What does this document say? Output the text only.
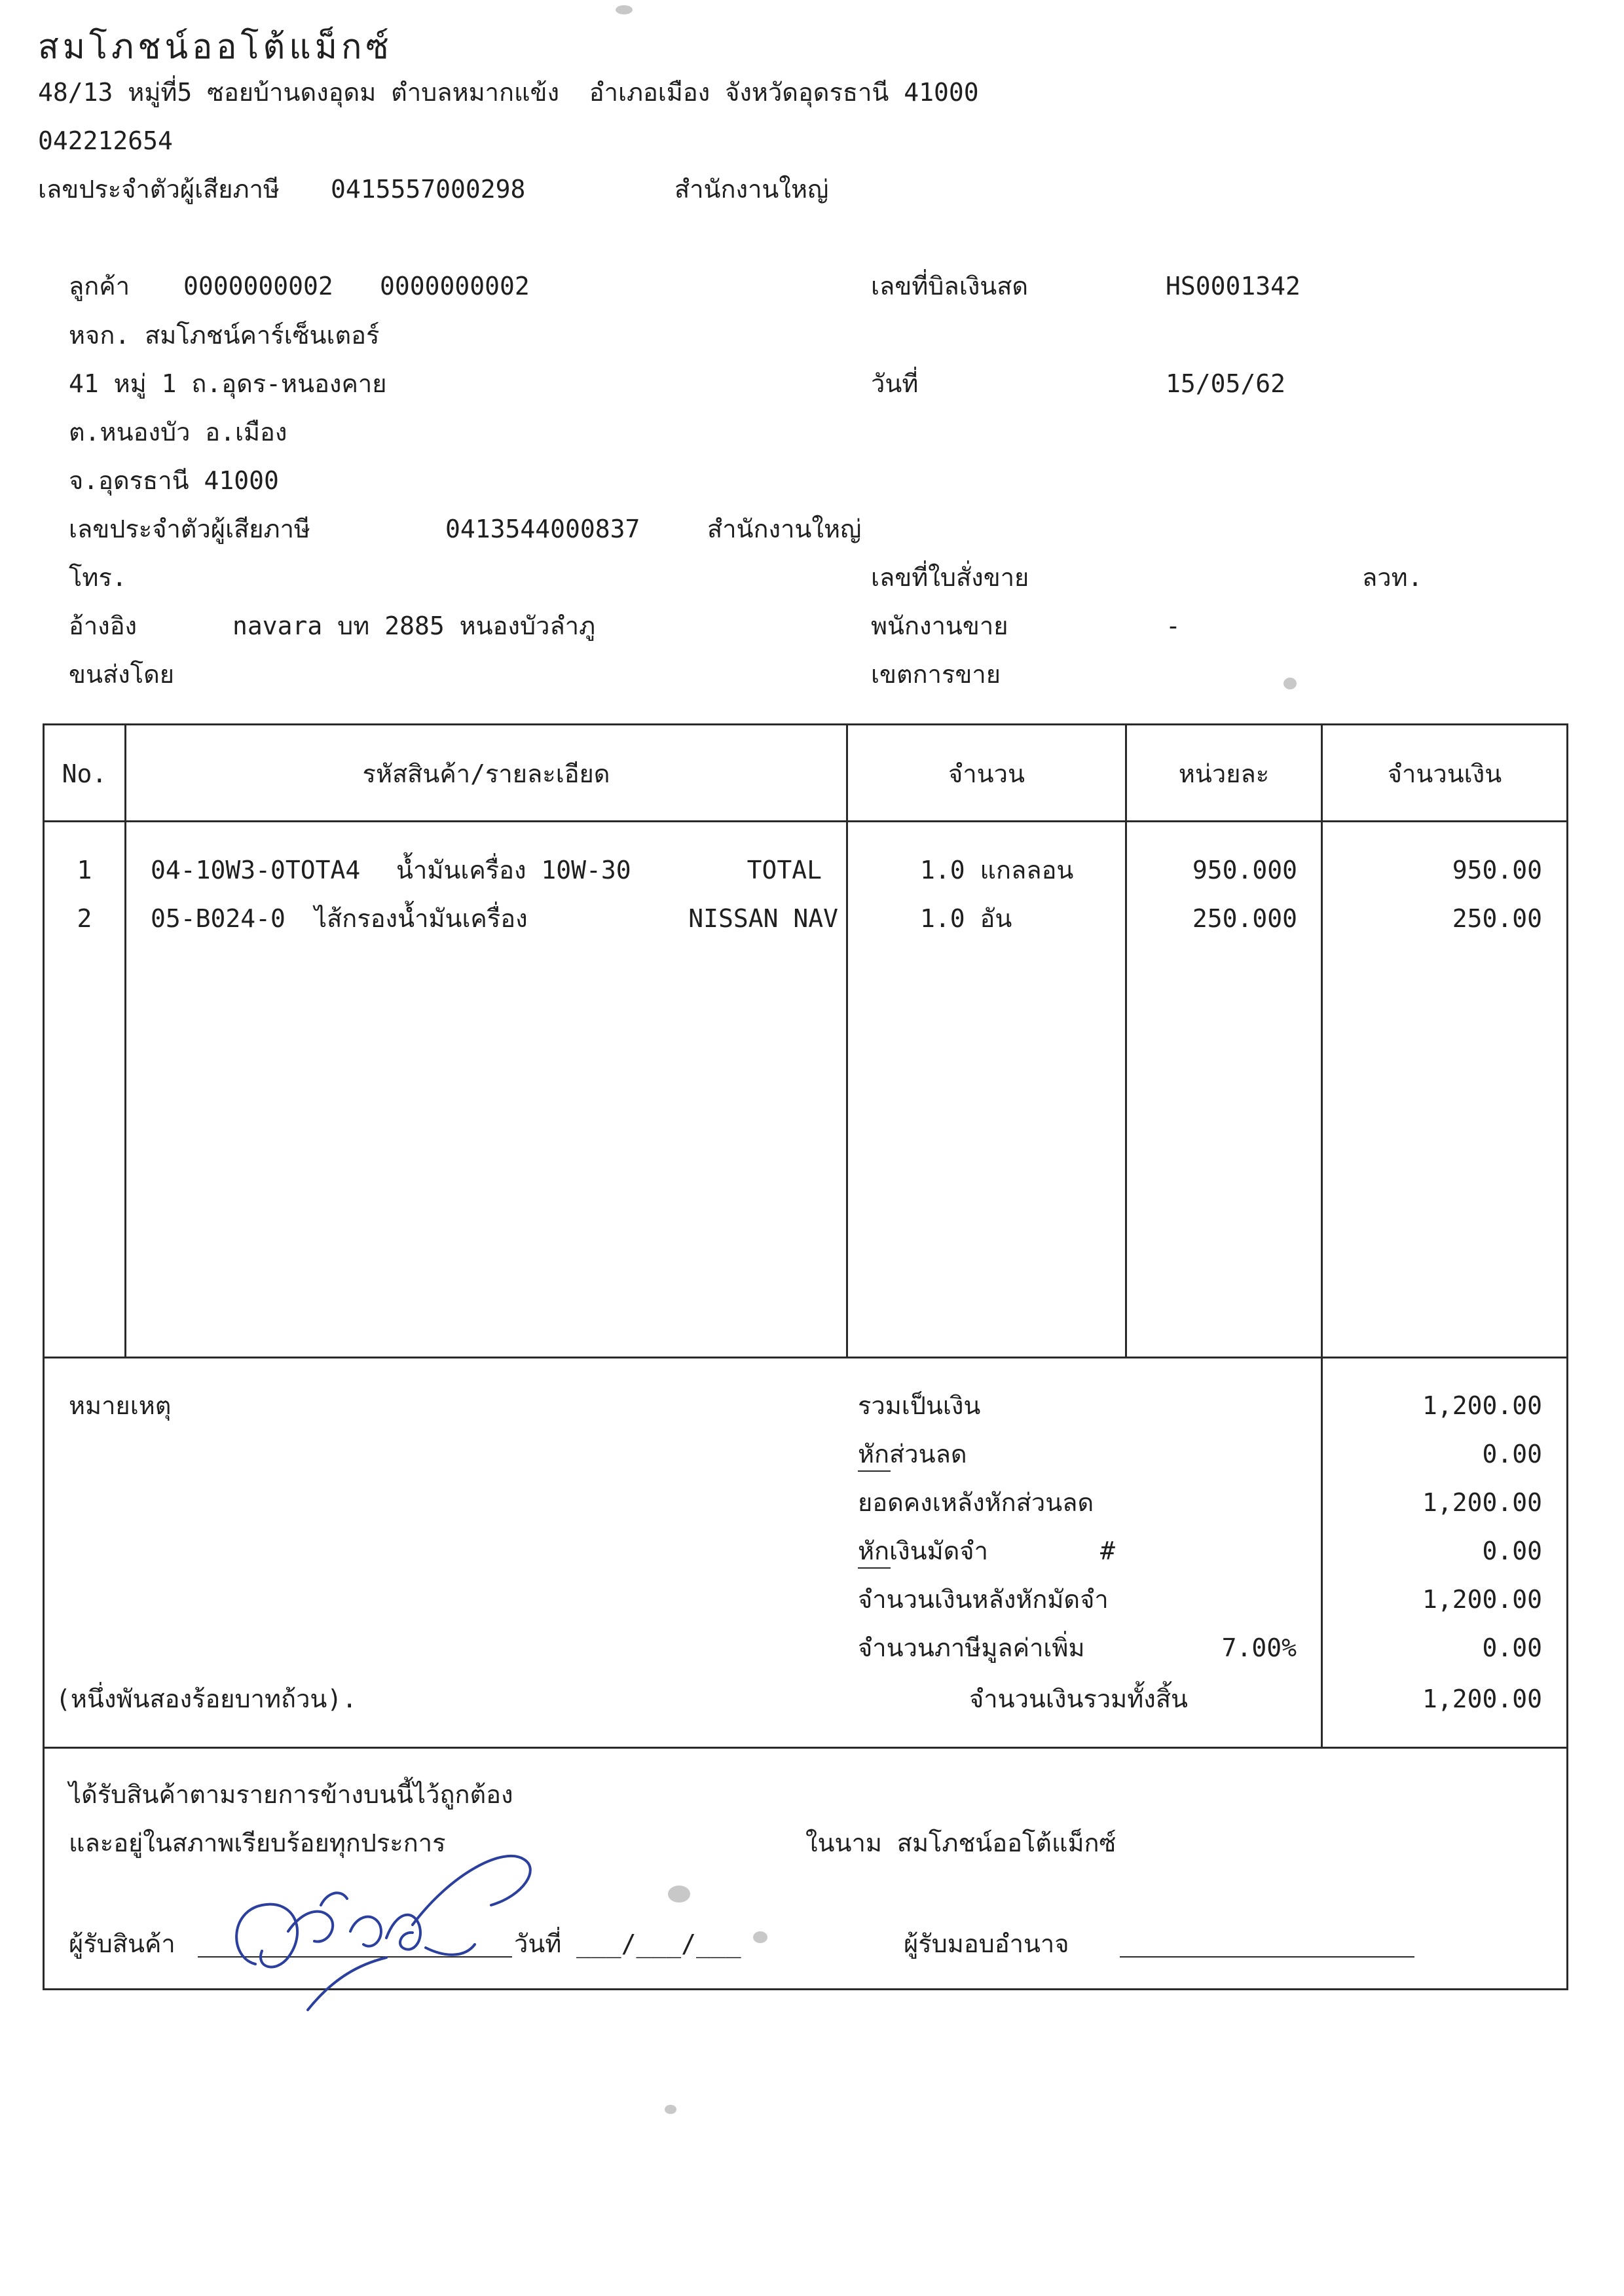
สมโภชน์ออโต้แม็กซ์
48/13 หมู่ที่5 ซอยบ้านดงอุดม ตำบลหมากแข้ง  อำเภอเมือง จังหวัดอุดรธานี 41000
042212654
เลขประจำตัวผู้เสียภาษี 0415557000298	สำนักงานใหญ่
ลูกค้า 0000000002 0000000002
หจก. สมโภชน์คาร์เซ็นเตอร์
41 หมู่ 1 ถ.อุดร-หนองคาย
ต.หนองบัว อ.เมือง
จ.อุดรธานี 41000
เลขประจำตัวผู้เสียภาษี	0413544000837	สำนักงานใหญ่
โทร.
อ้างอิง	navara บท 2885 หนองบัวลำภู
ขนส่งโดย
เลขที่บิลเงินสด	HS0001342
วันที่	15/05/62
เลขที่ใบสั่งขาย	ลวท.
พนักงานขาย	-
เขตการขาย
No.	รหัสสินค้า/รายละเอียด	จำนวน	หน่วยละ	จำนวนเงิน
1	04-10W3-0TOTA4 น้ำมันเครื่อง 10W-30	TOTAL	1.0 แกลลอน	950.000	950.00
2	05-B024-0 ไส้กรองน้ำมันเครื่อง	NISSAN NAV	1.0 อัน	250.000	250.00
หมายเหตุ
(หนึ่งพันสองร้อยบาทถ้วน).
รวมเป็นเงิน	1,200.00
หักส่วนลด	0.00
ยอดคงเหลังหักส่วนลด	1,200.00
หักเงินมัดจำ	#	0.00
จำนวนเงินหลังหักมัดจำ	1,200.00
จำนวนภาษีมูลค่าเพิ่ม	7.00%	0.00
จำนวนเงินรวมทั้งสิ้น	1,200.00
ได้รับสินค้าตามรายการข้างบนนี้ไว้ถูกต้อง
และอยู่ในสภาพเรียบร้อยทุกประการ	ในนาม สมโภชน์ออโต้แม็กซ์
ผู้รับสินค้า	วันที่ ___/___/___	ผู้รับมอบอำนาจ
